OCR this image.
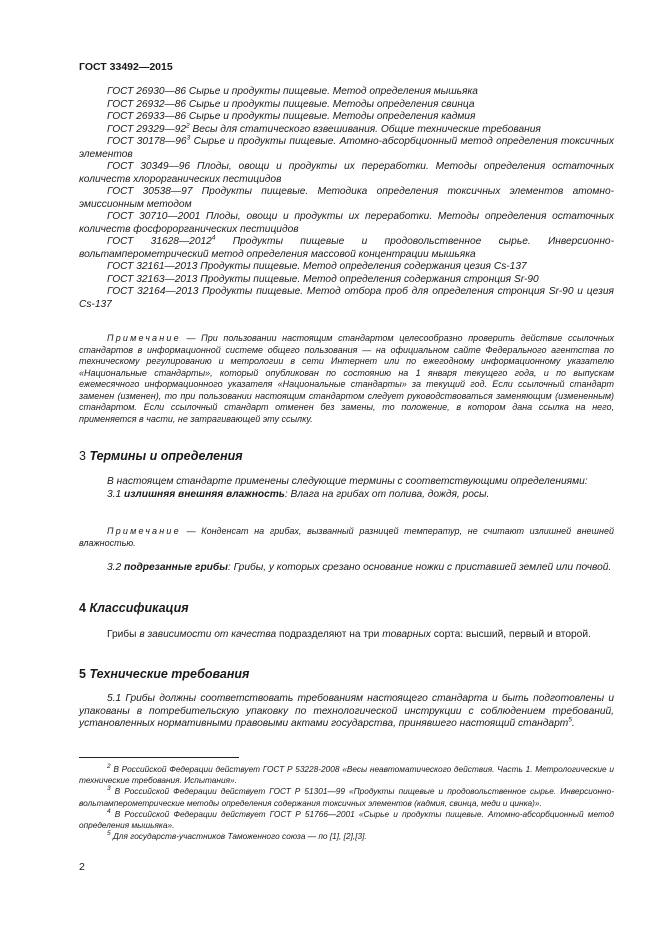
ГОСТ 33492—2015

ГОСТ 26930—86 Сырье и продукты пищевые. Метод определения мышьяка

ГОСТ 26932—86 Сырье и продукты пищевые. Методы определения свинца

ГОСТ 26933—86 Сырье и продукты пищевые. Методы определения кадмия

ГОСТ $29329—92^2$ Весы для статического взвешивания. Общие технические требования

ГОСТ $30178—96^3$ Сырье и продукты пищевые. Атомно-абсорбционный метод определения токсичных элементов

ГОСТ 30349—96 Плоды, овощи и продукты их переработки. Методы определения остаточных количеств хлорорганических пестицидов

ГОСТ 30538—97 Продукты пищевые. Методика определения токсичных элементов атомно-эмиссионным методом

ГОСТ 30710—2001 Плоды, овощи и продукты их переработки. Методы определения остаточных количеств фосфорорганических пестицидов

ГОСТ 31628—2012$^4$ Продукты пищевые и продовольственное сырье. Инверсионно-вольтамперометрический метод определения массовой концентрации мышьяка

ГОСТ 32161—2013 Продукты пищевые. Метод определения содержания цезия Cs-137

ГОСТ 32163—2013 Продукты пищевые. Метод определения содержания стронция Sr-90

ГОСТ 32164—2013 Продукты пищевые. Метод отбора проб для определения стронция Sr-90 и цезия Cs-137

Примечание — При пользовании настоящим стандартом целесообразно проверить действие ссылочных стандартов в информационной системе общего пользования — на официальном сайте Федерального агентства по техническому регулированию и метрологии в сети Интернет или по ежегодному информационному указателю «Национальные стандарты», который опубликован по состоянию на 1 января текущего года, и по выпускам ежемесячного информационного указателя «Национальные стандарты» за текущий год. Если ссылочный стандарт заменен (изменен), то при пользовании настоящим стандартом следует руководствоваться заменяющим (измененным) стандартом. Если ссылочный стандарт отменен без замены, то положение, в котором дана ссылка на него, применяется в части, не затрагивающей эту ссылку.

3 Термины и определения

В настоящем стандарте применены следующие термины с соответствующими определениями:

3.1 излишняя внешняя влажность: Влага на грибах от полива, дождя, росы.

Примечание — Конденсат на грибах, вызванный разницей температур, не считают излишней внешней влажностью.

3.2 подрезанные грибы: Грибы, у которых срезано основание ножки с приставшей землей или почвой.

4 Классификация

Грибы в зависимости от качества подразделяют на три товарных сорта: высший, первый и второй.

5 Технические требования

5.1 Грибы должны соответствовать требованиям настоящего стандарта и быть подготовлены и упакованы в потребительскую упаковку по технологической инструкции с соблюдением требований, установленных нормативными правовыми актами государства, принявшего настоящий стандарт$^5$.

$^2$ В Российской Федерации действует ГОСТ Р 53228-2008 «Весы неавтоматического действия. Часть 1. Метрологические и технические требования. Испытания».

$^3$ В Российской Федерации действует ГОСТ Р 51301—99 «Продукты пищевые и продовольственное сырье. Инверсионно-вольтамперометрические методы определения содержания токсичных элементов (кадмия, свинца, меди и цинка)».

$^4$ В Российской Федерации действует ГОСТ Р 51766—2001 «Сырье и продукты пищевые. Атомно-абсорбционный метод определения мышьяка».

$^5$ Для государств-участников Таможенного союза — по [1], [2],[3].

2
